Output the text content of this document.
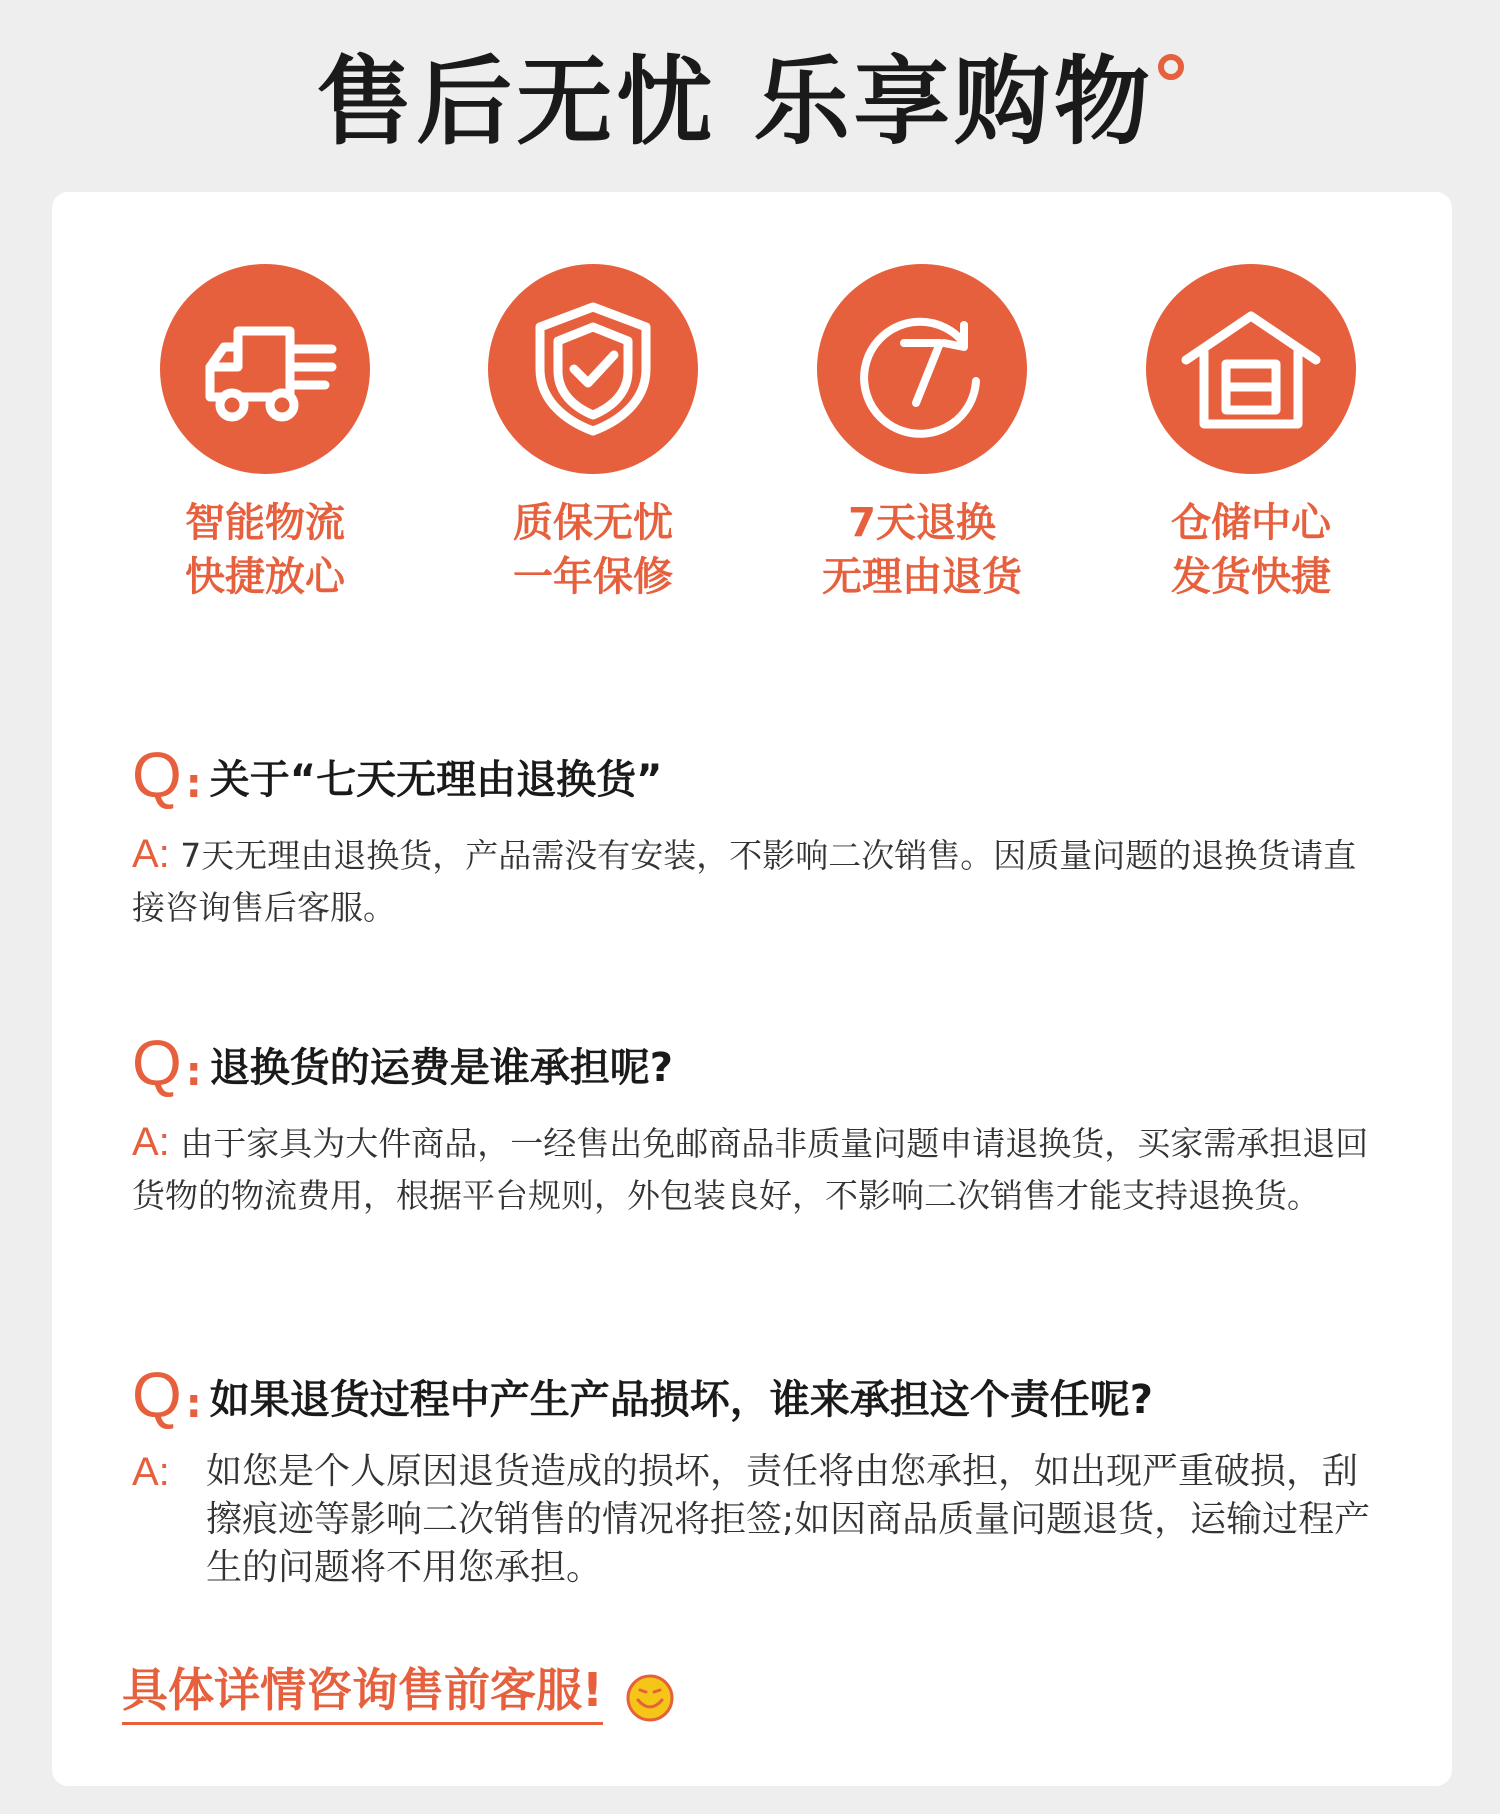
售后无忧 乐享购物
智能物流
快捷放心
质保无忧
一年保修
7天退换
无理由退货
仓储中心
发货快捷
Q : 关于“七天无理由退换货”
A: 7天无理由退换货，产品需没有安装，不影响二次销售。因质量问题的退换货请直接咨询售后客服。
Q : 退换货的运费是谁承担呢?
A: 由于家具为大件商品，一经售出免邮商品非质量问题申请退换货，买家需承担退回货物的物流费用，根据平台规则，外包装良好，不影响二次销售才能支持退换货。
Q : 如果退货过程中产生产品损坏，谁来承担这个责任呢?
A:	如您是个人原因退货造成的损坏，责任将由您承担，如出现严重破损，刮擦痕迹等影响二次销售的情况将拒签;如因商品质量问题退货，运输过程产生的问题将不用您承担。
具体详情咨询售前客服!
